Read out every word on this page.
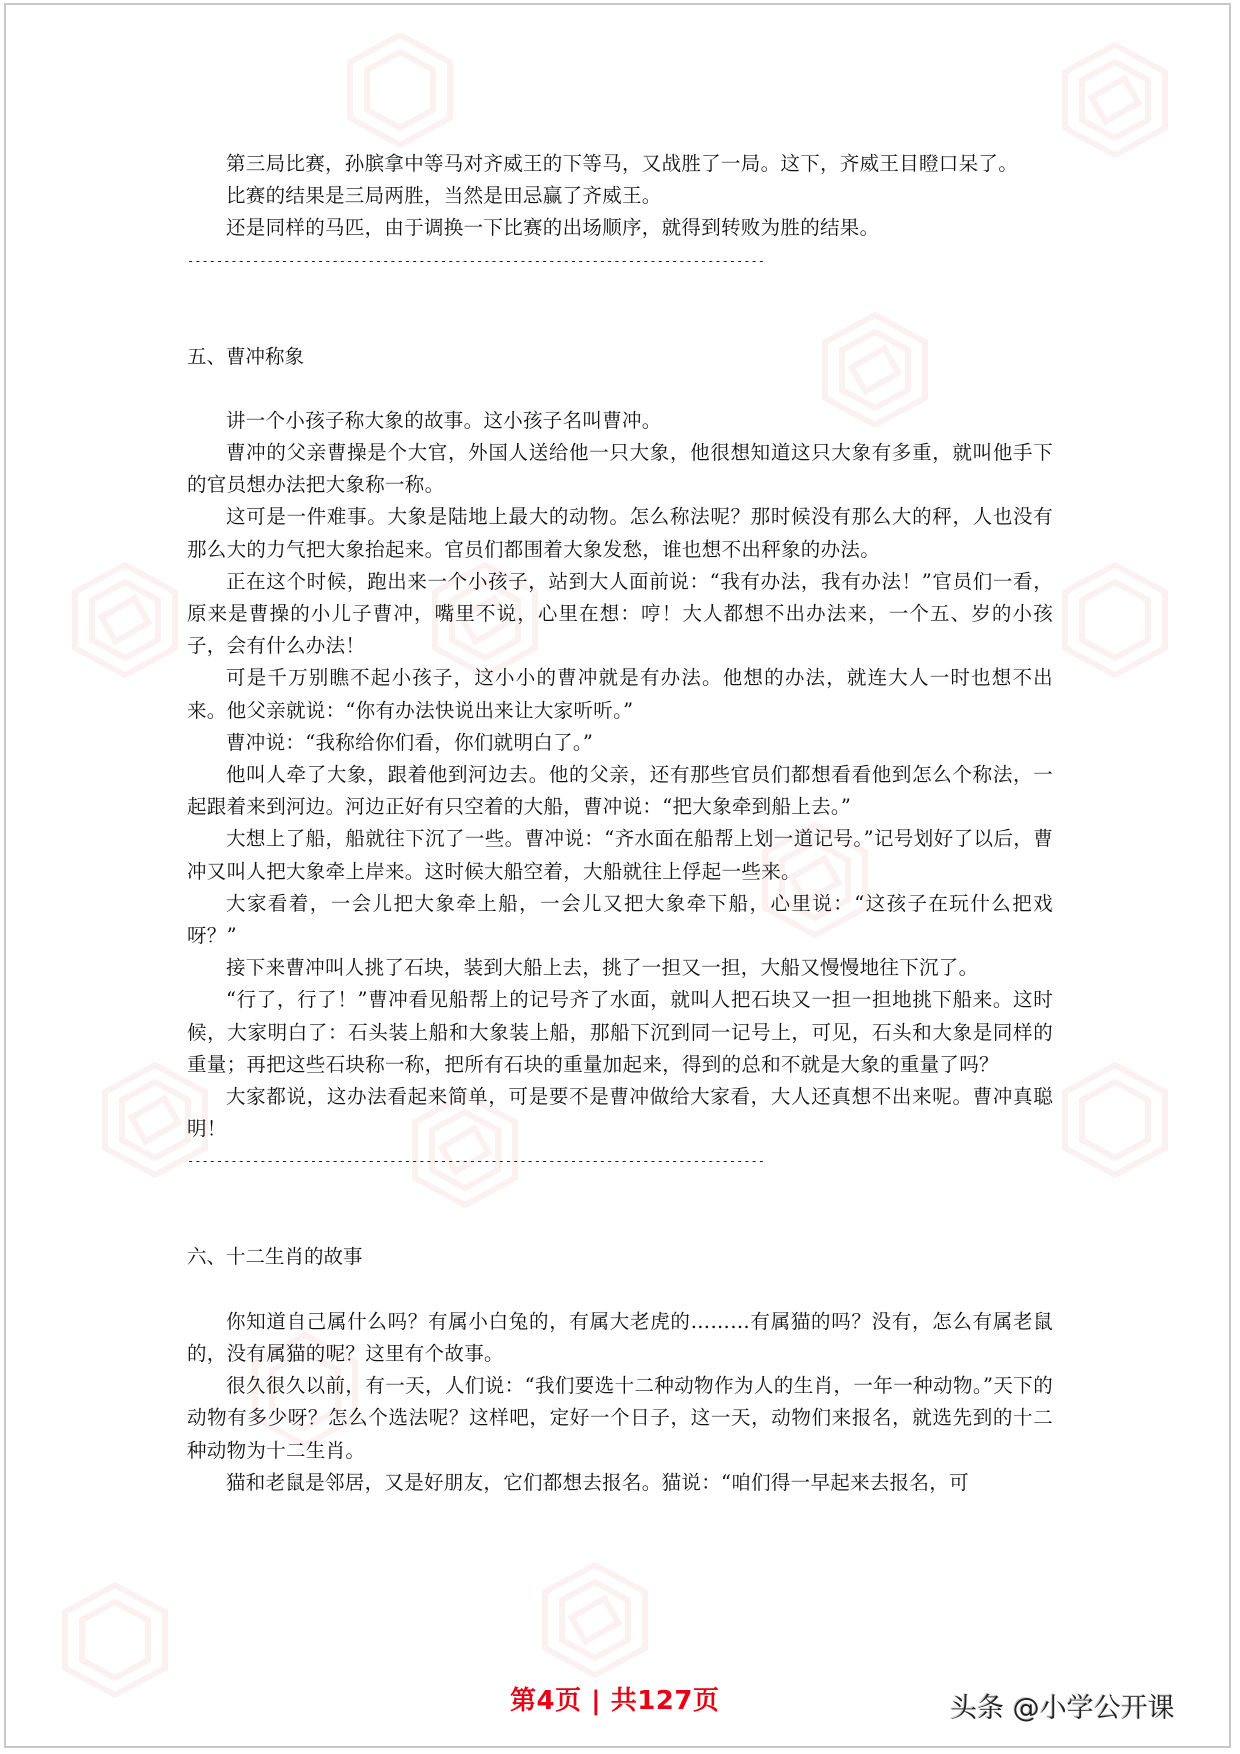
第三局比赛，孙膑拿中等马对齐威王的下等马，又战胜了一局。这下，齐威王目瞪口呆了。

比赛的结果是三局两胜，当然是田忌赢了齐威王。

还是同样的马匹，由于调换一下比赛的出场顺序，就得到转败为胜的结果。

--------------------------------------------------------------------------------

五、曹冲称象

讲一个小孩子称大象的故事。这小孩子名叫曹冲。

曹冲的父亲曹操是个大官，外国人送给他一只大象，他很想知道这只大象有多重，就叫他手下的官员想办法把大象称一称。

这可是一件难事。大象是陆地上最大的动物。怎么称法呢？那时候没有那么大的秤，人也没有那么大的力气把大象抬起来。官员们都围着大象发愁，谁也想不出秤象的办法。

正在这个时候，跑出来一个小孩子，站到大人面前说：“我有办法，我有办法！”官员们一看，原来是曹操的小儿子曹冲，嘴里不说，心里在想：哼！大人都想不出办法来，一个五、岁的小孩子，会有什么办法！

可是千万别瞧不起小孩子，这小小的曹冲就是有办法。他想的办法，就连大人一时也想不出来。他父亲就说：“你有办法快说出来让大家听听。”

曹冲说：“我称给你们看，你们就明白了。”

他叫人牵了大象，跟着他到河边去。他的父亲，还有那些官员们都想看看他到怎么个称法，一起跟着来到河边。河边正好有只空着的大船，曹冲说：“把大象牵到船上去。”

大想上了船，船就往下沉了一些。曹冲说：“齐水面在船帮上划一道记号。”记号划好了以后，曹冲又叫人把大象牵上岸来。这时候大船空着，大船就往上俘起一些来。

大家看着，一会儿把大象牵上船，一会儿又把大象牵下船，心里说：“这孩子在玩什么把戏呀？”

接下来曹冲叫人挑了石块，装到大船上去，挑了一担又一担，大船又慢慢地往下沉了。

“行了，行了！”曹冲看见船帮上的记号齐了水面，就叫人把石块又一担一担地挑下船来。这时候，大家明白了：石头装上船和大象装上船，那船下沉到同一记号上，可见，石头和大象是同样的重量；再把这些石块称一称，把所有石块的重量加起来，得到的总和不就是大象的重量了吗？

大家都说，这办法看起来简单，可是要不是曹冲做给大家看，大人还真想不出来呢。曹冲真聪明！

--------------------------------------------------------------------------------

六、十二生肖的故事

你知道自己属什么吗？有属小白兔的，有属大老虎的………有属猫的吗？没有，怎么有属老鼠的，没有属猫的呢？这里有个故事。

很久很久以前，有一天，人们说：“我们要选十二种动物作为人的生肖，一年一种动物。”天下的动物有多少呀？怎么个选法呢？这样吧，定好一个日子，这一天，动物们来报名，就选先到的十二种动物为十二生肖。

猫和老鼠是邻居，又是好朋友，它们都想去报名。猫说：“咱们得一早起来去报名，可

第4页 | 共127页	头条 @小学公开课
